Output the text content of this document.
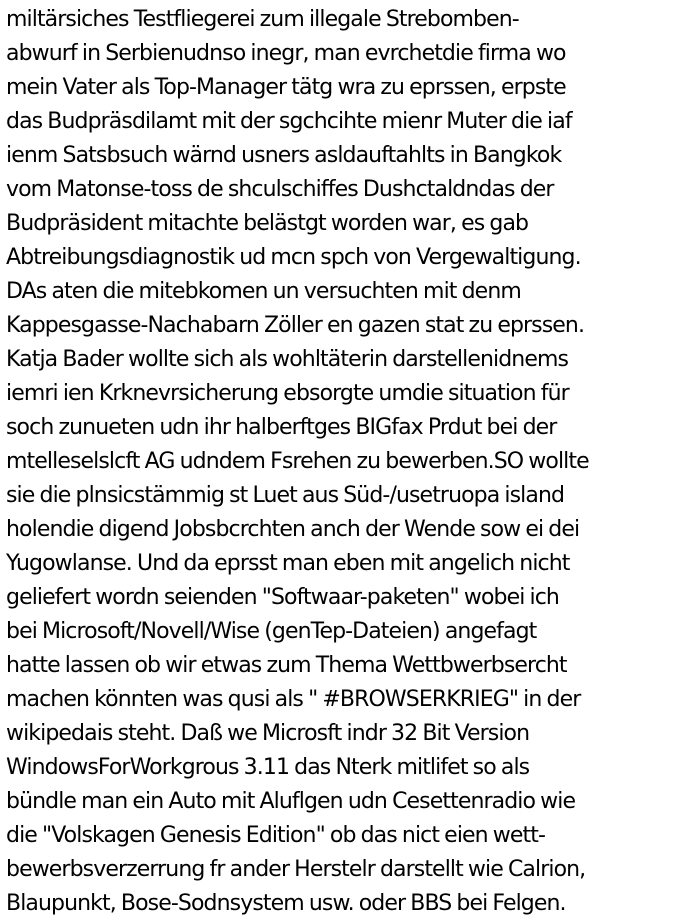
miltärsiches Testfliegerei zum illegale Strebomben-
abwurf in Serbienudnso inegr, man evrchetdie firma wo
mein Vater als Top-Manager tätg wra zu eprssen, erpste
das Budpräsdilamt mit der sgchcihte mienr Muter die iaf
ienm Satsbsuch wärnd usners asldauftahlts in Bangkok
vom Matonse-toss de shculschiffes Dushctaldndas der
Budpräsident mitachte belästgt worden war, es gab
Abtreibungsdiagnostik ud mcn spch von Vergewaltigung.
DAs aten die mitebkomen un versuchten mit denm
Kappesgasse-Nachabarn Zöller en gazen stat zu eprssen.
Katja Bader wollte sich als wohltäterin darstellenidnems
iemri ien Krknevrsicherung ebsorgte umdie situation für
soch zunueten udn ihr halberftges BIGfax Prdut bei der
mtelleselslcft AG udndem Fsrehen zu bewerben.SO wollte
sie die plnsicstämmig st Luet aus Süd-/usetruopa island
holendie digend Jobsbcrchten anch der Wende sow ei dei
Yugowlanse. Und da eprsst man eben mit angelich nicht
geliefert wordn seienden "Softwaar-paketen" wobei ich
bei Microsoft/Novell/Wise (genTep-Dateien) angefagt
hatte lassen ob wir etwas zum Thema Wettbwerbsercht
machen könnten was qusi als " #BROWSERKRIEG" in der
wikipedais steht. Daß we Microsft indr 32 Bit Version
WindowsForWorkgrous 3.11 das Nterk mitlifet so als
bündle man ein Auto mit Aluflgen udn Cesettenradio wie
die "Volskagen Genesis Edition" ob das nict eien wett-
bewerbsverzerrung fr ander Herstelr darstellt wie Calrion,
Blaupunkt, Bose-Sodnsystem usw. oder BBS bei Felgen.
